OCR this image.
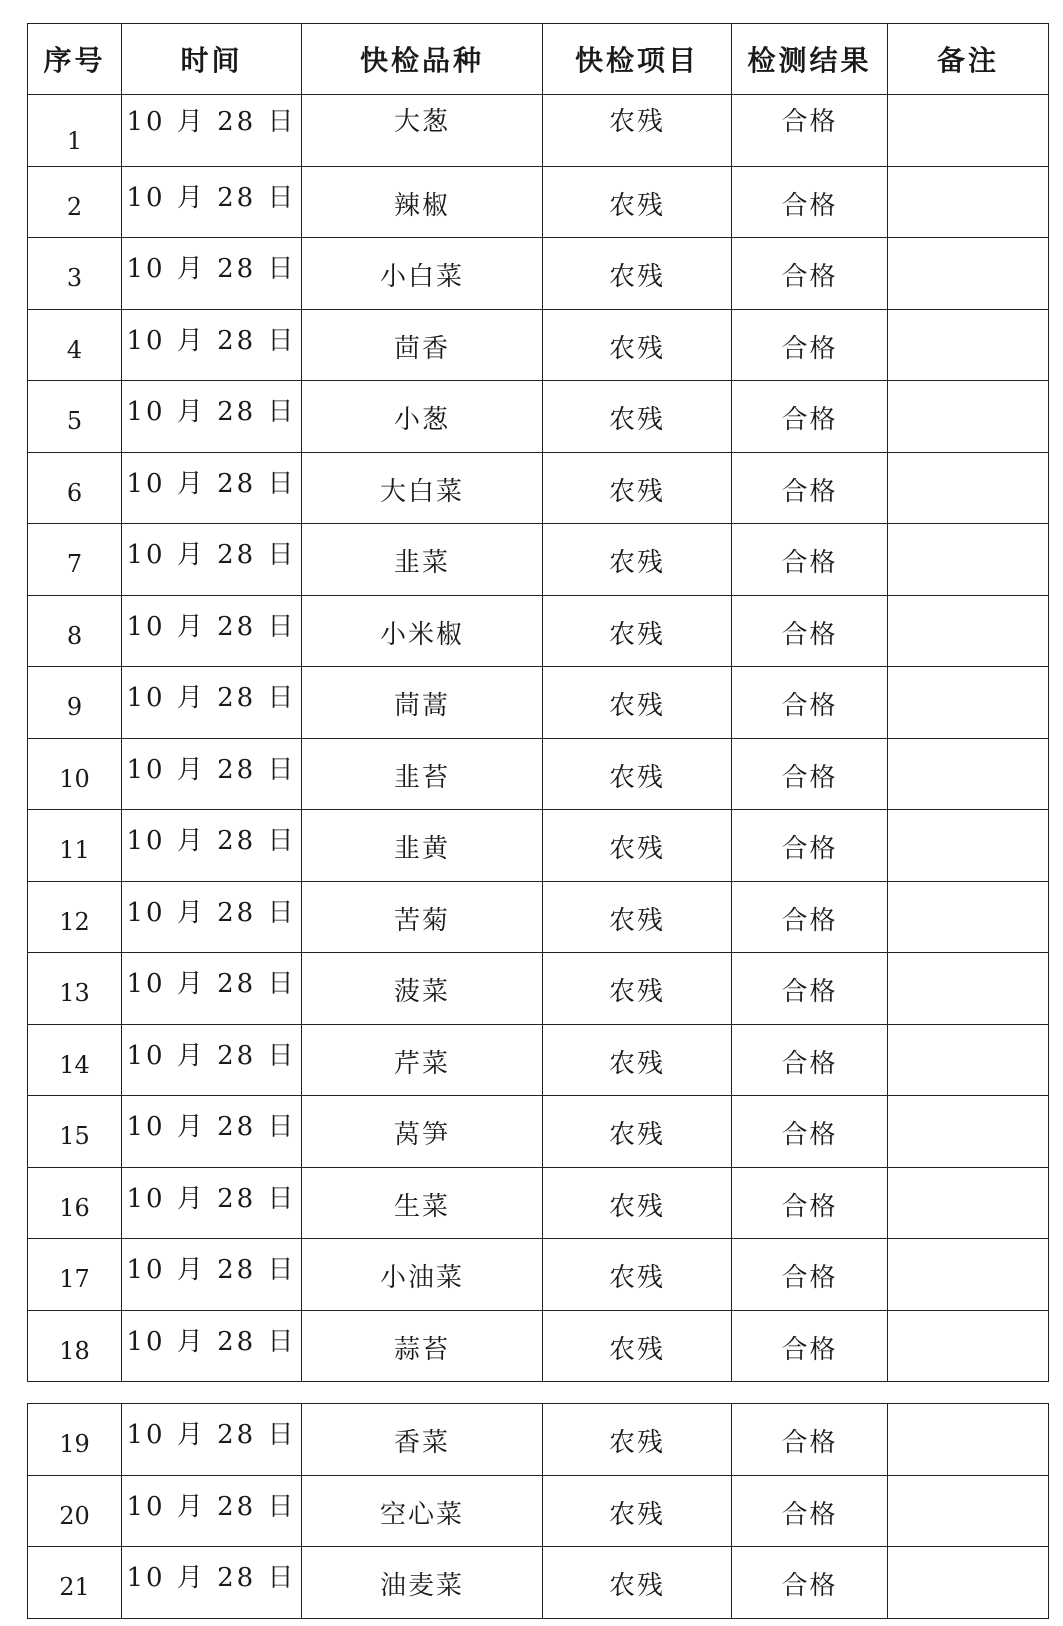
序号	时间	快检品种	快检项目	检测结果	备注
1	10 月 28 日	大葱	农残	合格	
2	10 月 28 日	辣椒	农残	合格	
3	10 月 28 日	小白菜	农残	合格	
4	10 月 28 日	茴香	农残	合格	
5	10 月 28 日	小葱	农残	合格	
6	10 月 28 日	大白菜	农残	合格	
7	10 月 28 日	韭菜	农残	合格	
8	10 月 28 日	小米椒	农残	合格	
9	10 月 28 日	茼蒿	农残	合格	
10	10 月 28 日	韭苔	农残	合格	
11	10 月 28 日	韭黄	农残	合格	
12	10 月 28 日	苦菊	农残	合格	
13	10 月 28 日	菠菜	农残	合格	
14	10 月 28 日	芹菜	农残	合格	
15	10 月 28 日	莴笋	农残	合格	
16	10 月 28 日	生菜	农残	合格	
17	10 月 28 日	小油菜	农残	合格	
18	10 月 28 日	蒜苔	农残	合格	
19	10 月 28 日	香菜	农残	合格	
20	10 月 28 日	空心菜	农残	合格	
21	10 月 28 日	油麦菜	农残	合格	
